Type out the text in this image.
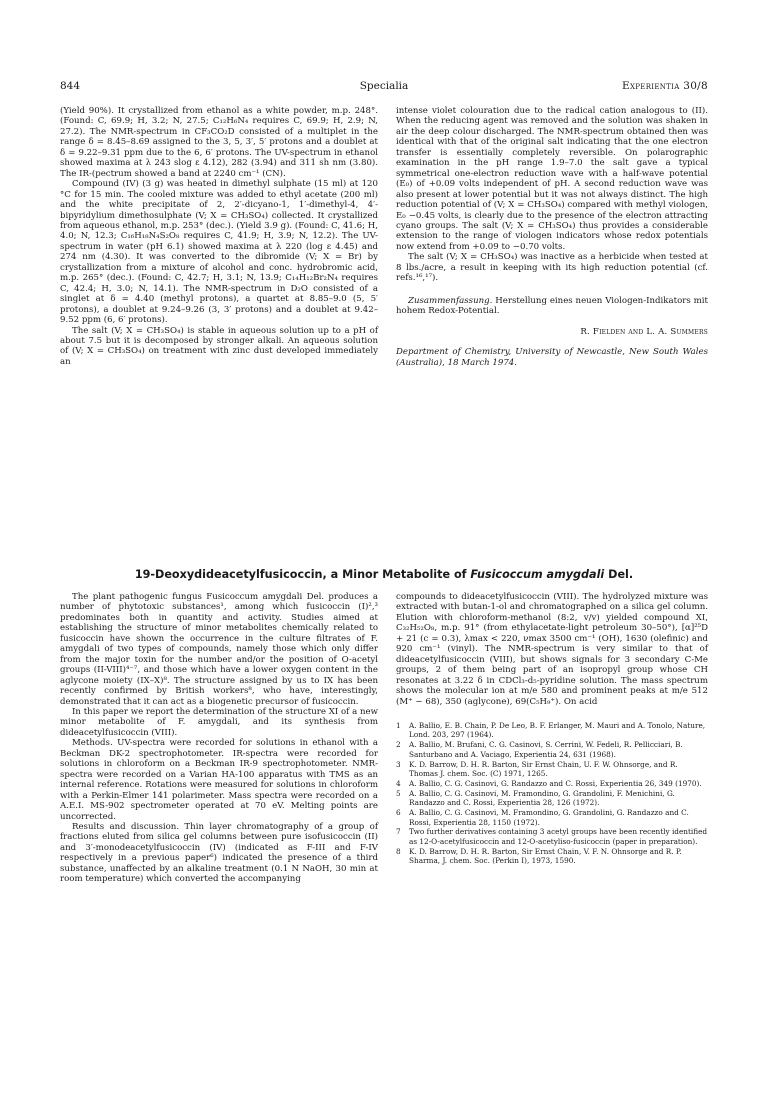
844	Specialia	Experientia 30/8

(Yield 90%). It crystallized from ethanol as a white powder, m.p. 248°. (Found: C, 69.9; H, 3.2; N, 27.5; C₁₂H₆N₄ requires C, 69.9; H, 2.9; N, 27.2). The NMR-spectrum in CF₃CO₂D consisted of a multiplet in the range δ = 8.45–8.69 assigned to the 3, 5, 3′, 5′ protons and a doublet at δ = 9.22–9.31 ppm due to the 6, 6′ protons. The UV-spectrum in ethanol showed maxima at λ 243 slog ε 4.12), 282 (3.94) and 311 sh nm (3.80). The IR-(pectrum showed a band at 2240 cm⁻¹ (CN).

Compound (IV) (3 g) was heated in dimethyl sulphate (15 ml) at 120 °C for 15 min. The cooled mixture was added to ethyl acetate (200 ml) and the white precipitate of 2, 2′-dicyano-1, 1′-dimethyl-4, 4′-bipyridylium dimethosulphate (V; X = CH₃SO₄) collected. It crystallized from aqueous ethanol, m.p. 253° (dec.). (Yield 3.9 g). (Found: C, 41.6; H, 4.0; N, 12.3; C₁₆H₁₈N₄S₂O₈ requires C, 41.9; H, 3.9; N, 12.2). The UV-spectrum in water (pH 6.1) showed maxima at λ 220 (log ε 4.45) and 274 nm (4.30). It was converted to the dibromide (V; X = Br) by crystallization from a mixture of alcohol and conc. hydrobromic acid, m.p. 265° (dec.). (Found: C, 42.7; H, 3.1; N, 13.9; C₁₄H₁₂Br₂N₄ requires C, 42.4; H, 3.0; N, 14.1). The NMR-spectrum in D₂O consisted of a singlet at δ = 4.40 (methyl protons), a quartet at 8.85–9.0 (5, 5′ protons), a doublet at 9.24–9.26 (3, 3′ protons) and a doublet at 9.42–9.52 ppm (6, 6′ protons).

The salt (V; X = CH₃SO₄) is stable in aqueous solution up to a pH of about 7.5 but it is decomposed by stronger alkali. An aqueous solution of (V; X = CH₃SO₄) on treatment with zinc dust developed immediately an

intense violet colouration due to the radical cation analogous to (II). When the reducing agent was removed and the solution was shaken in air the deep colour discharged. The NMR-spectrum obtained then was identical with that of the original salt indicating that the one electron transfer is essentially completely reversible. On polarographic examination in the pH range 1.9–7.0 the salt gave a typical symmetrical one-electron reduction wave with a half-wave potential (E₀) of +0.09 volts independent of pH. A second reduction wave was also present at lower potential but it was not always distinct. The high reduction potential of (V; X = CH₃SO₄) compared with methyl viologen, E₀ −0.45 volts, is clearly due to the presence of the electron attracting cyano groups. The salt (V; X = CH₃SO₄) thus provides a considerable extension to the range of viologen indicators whose redox potentials now extend from +0.09 to −0.70 volts.

The salt (V; X = CH₃SO₄) was inactive as a herbicide when tested at 8 lbs./acre, a result in keeping with its high reduction potential (cf. refs.¹⁶,¹⁷).

Zusammenfassung. Herstellung eines neuen Viologen-Indikators mit hohem Redox-Potential.

R. Fielden and L. A. Summers

Department of Chemistry, University of Newcastle, New South Wales (Australia), 18 March 1974.

19-Deoxydideacetylfusicoccin, a Minor Metabolite of Fusicoccum amygdali Del.

The plant pathogenic fungus Fusicoccum amygdali Del. produces a number of phytotoxic substances¹, among which fusicoccin (I)²,³ predominates both in quantity and activity. Studies aimed at establishing the structure of minor metabolites chemically related to fusicoccin have shown the occurrence in the culture filtrates of F. amygdali of two types of compounds, namely those which only differ from the major toxin for the number and/or the position of O-acetyl groups (II-VIII)⁴⁻⁷, and those which have a lower oxygen content in the aglycone moiety (IX–X)⁸. The structure assigned by us to IX has been recently confirmed by British workers⁸, who have, interestingly, demonstrated that it can act as a biogenetic precursor of fusicoccin.

In this paper we report the determination of the structure XI of a new minor metabolite of F. amygdali, and its synthesis from dideacetylfusicoccin (VIII).

Methods. UV-spectra were recorded for solutions in ethanol with a Beckman DK-2 spectrophotometer. IR-spectra were recorded for solutions in chloroform on a Beckman IR-9 spectrophotometer. NMR-spectra were recorded on a Varian HA-100 apparatus with TMS as an internal reference. Rotations were measured for solutions in chloroform with a Perkin-Elmer 141 polarimeter. Mass spectra were recorded on a A.E.I. MS-902 spectrometer operated at 70 eV. Melting points are uncorrected.

Results and discussion. Thin layer chromatography of a group of fractions eluted from silica gel columns between pure isofusicoccin (II) and 3′-monodeacetylfusicoccin (IV) (indicated as F-III and F-IV respectively in a previous paper⁶) indicated the presence of a third substance, unaffected by an alkaline treatment (0.1 N NaOH, 30 min at room temperature) which converted the accompanying

compounds to dideacetylfusicoccin (VIII). The hydrolyzed mixture was extracted with butan-1-ol and chromatographed on a silica gel column. Elution with chloroform-methanol (8:2, v/v) yielded compound XI, C₃₂H₅₂O₈, m.p. 91° (from ethylacetate-light petroleum 30–50°), [α]²⁵D + 21 (c = 0.3), λmax < 220, νmax 3500 cm⁻¹ (OH), 1630 (olefinic) and 920 cm⁻¹ (vinyl). The NMR-spectrum is very similar to that of dideacetylfusicoccin (VIII), but shows signals for 3 secondary C-Me groups, 2 of them being part of an isopropyl group whose CH resonates at 3.22 δ in CDCl₃-d₅-pyridine solution. The mass spectrum shows the molecular ion at m/e 580 and prominent peaks at m/e 512 (M⁺ − 68), 350 (aglycone), 69(C₅H₉⁺). On acid

1 A. Ballio, E. B. Chain, P. De Leo, B. F. Erlanger, M. Mauri and A. Tonolo, Nature, Lond. 203, 297 (1964).
2 A. Ballio, M. Brufani, C. G. Casinovi, S. Cerrini, W. Fedeli, R. Pellicciari, B. Santurbano and A. Vaciago, Experientia 24, 631 (1968).
3 K. D. Barrow, D. H. R. Barton, Sir Ernst Chain, U. F. W. Ohnsorge, and R. Thomas J. chem. Soc. (C) 1971, 1265.
4 A. Ballio, C. G. Casinovi, G. Randazzo and C. Rossi, Experientia 26, 349 (1970).
5 A. Ballio, C. G. Casinovi, M. Framondino, G. Grandolini, F. Menichini, G. Randazzo and C. Rossi, Experientia 28, 126 (1972).
6 A. Ballio, C. G. Casinovi, M. Framondino, G. Grandolini, G. Randazzo and C. Rossi, Experientia 28, 1150 (1972).
7 Two further derivatives containing 3 acetyl groups have been recently identified as 12-O-acetylfusicoccin and 12-O-acetyliso-fusicoccin (paper in preparation).
8 K. D. Barrow, D. H. R. Barton, Sir Ernst Chain, V. F. N. Ohnsorge and R. P. Sharma, J. chem. Soc. (Perkin I), 1973, 1590.
